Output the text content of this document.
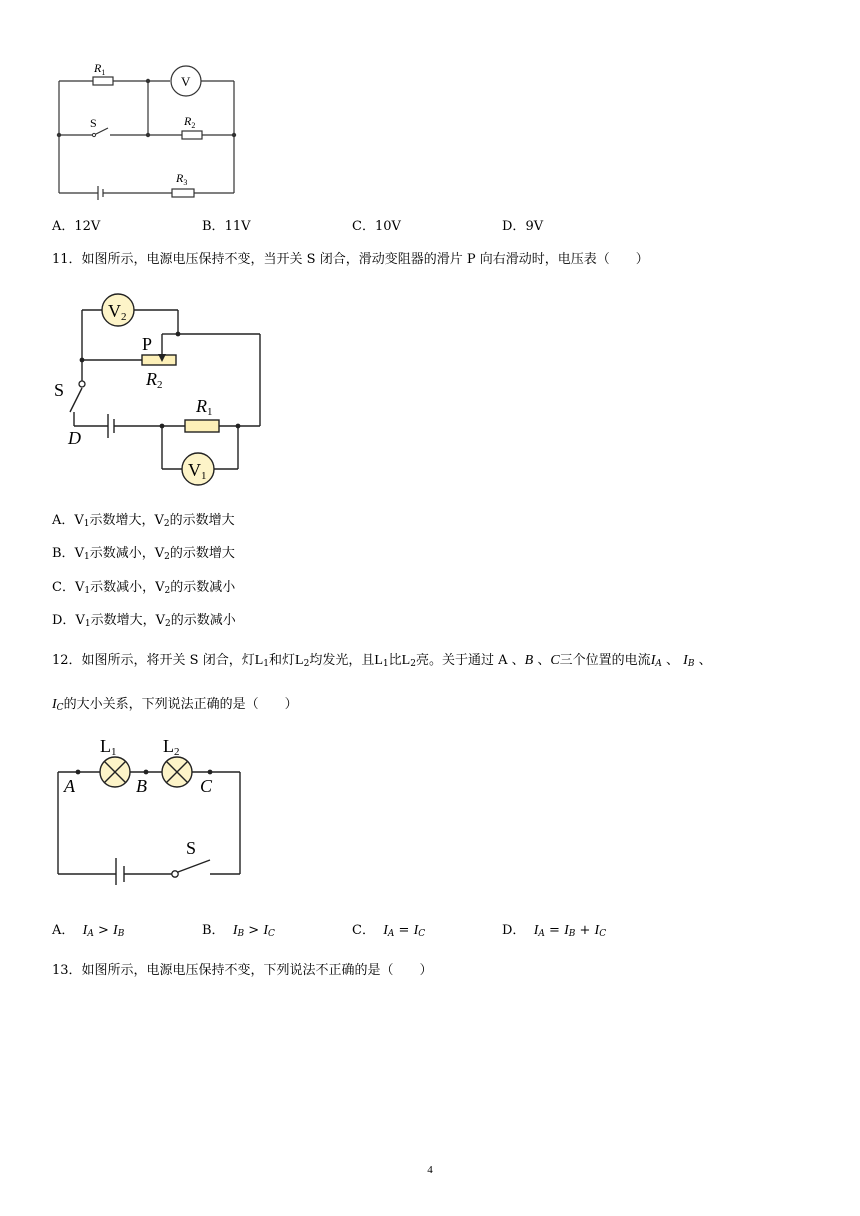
$R_1$
V
S	$R_2$
$R_3$
A．12V	B．11V	C．10V	D．9V
11．如图所示，电源电压保持不变，当开关 S 闭合，滑动变阻器的滑片 P 向右滑动时，电压表（　　）
V2
P
R2
S
R1
D
V1
A．$V_1$示数增大，$V_2$的示数增大
B．$V_1$示数减小，$V_2$的示数增大
C．$V_1$示数减小，$V_2$的示数减小
D．$V_1$示数增大，$V_2$的示数减小
12．如图所示，将开关 S 闭合，灯$L_1$和灯$L_2$均发光，且$L_1$比$L_2$亮。关于通过 A 、B 、C三个位置的电流$I_A$ 、 $I_B$ 、
$I_C$的大小关系，下列说法正确的是（　　）
L1	L2
A	B	C
S
A． $I_A > I_B$	B． $I_B > I_C$	C． $I_A = I_C$	D． $I_A = I_B + I_C$
13．如图所示，电源电压保持不变，下列说法不正确的是（　　）
4
